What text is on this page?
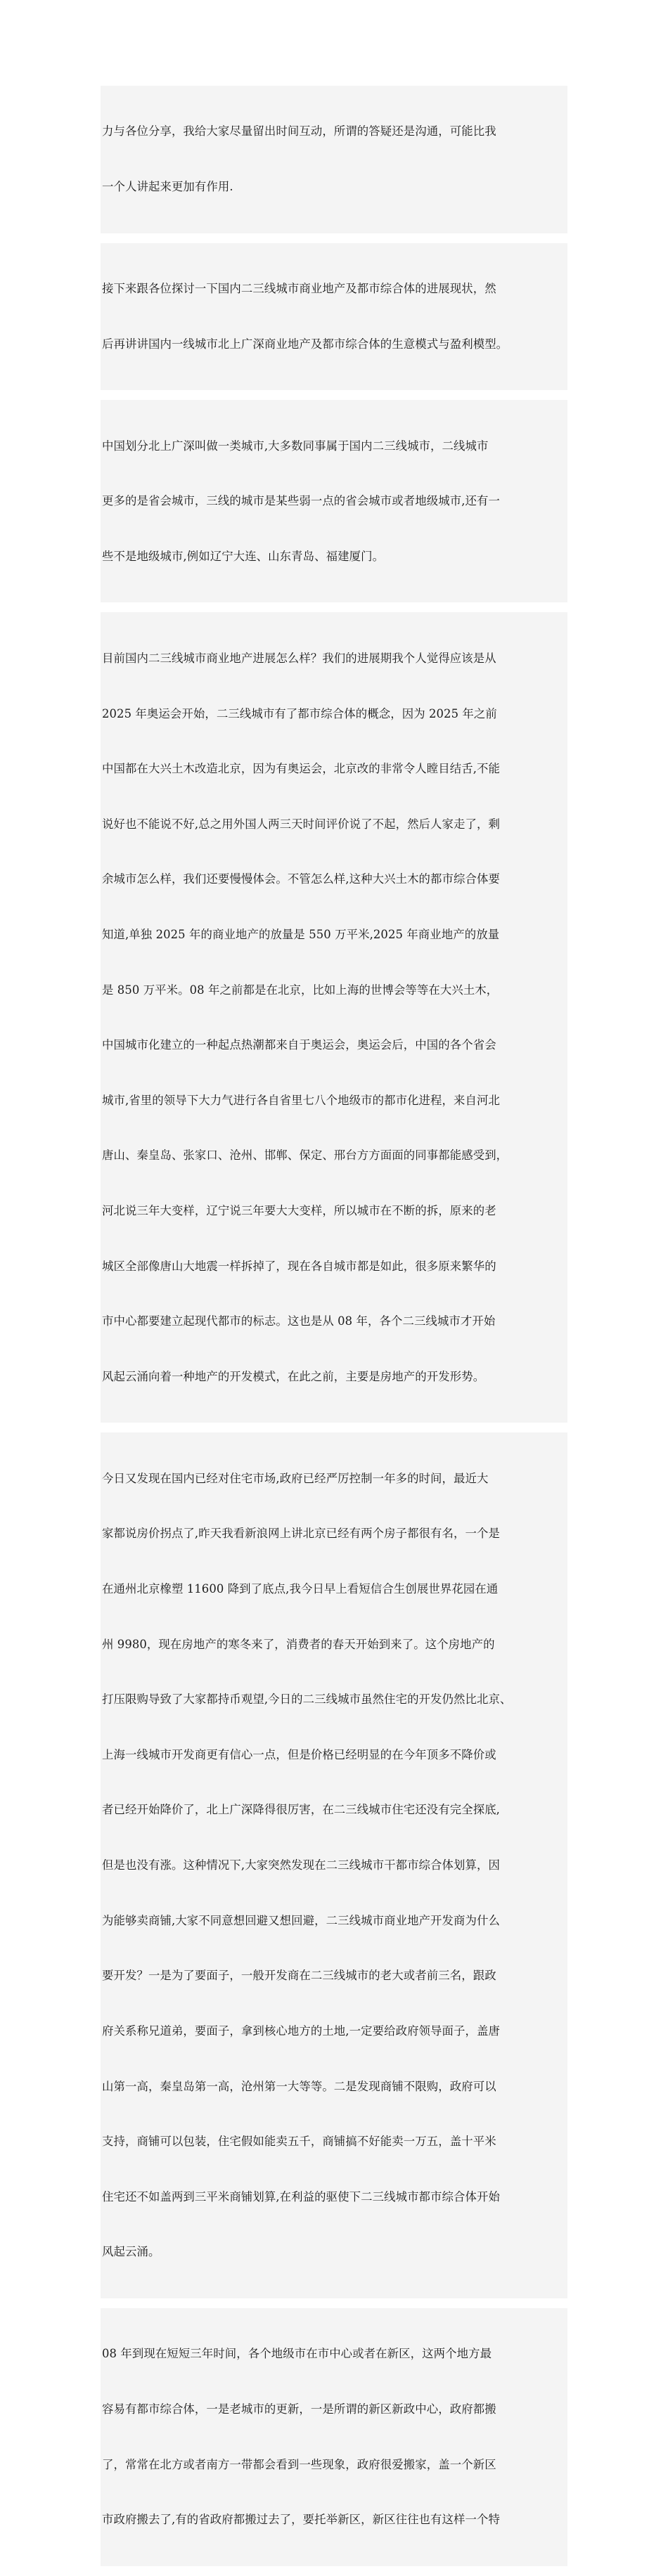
力与各位分享，我给大家尽量留出时间互动，所谓的答疑还是沟通，可能比我

一个人讲起来更加有作用.

接下来跟各位探讨一下国内二三线城市商业地产及都市综合体的进展现状，然

后再讲讲国内一线城市北上广深商业地产及都市综合体的生意模式与盈利模型。

中国划分北上广深叫做一类城市,大多数同事属于国内二三线城市，二线城市

更多的是省会城市，三线的城市是某些弱一点的省会城市或者地级城市,还有一

些不是地级城市,例如辽宁大连、山东青岛、福建厦门。

目前国内二三线城市商业地产进展怎么样？我们的进展期我个人觉得应该是从

2025 年奥运会开始，二三线城市有了都市综合体的概念，因为 2025 年之前

中国都在大兴土木改造北京，因为有奥运会，北京改的非常令人瞠目结舌,不能

说好也不能说不好,总之用外国人两三天时间评价说了不起，然后人家走了，剩

余城市怎么样，我们还要慢慢体会。不管怎么样,这种大兴土木的都市综合体要

知道,单独 2025 年的商业地产的放量是 550 万平米,2025 年商业地产的放量

是 850 万平米。08 年之前都是在北京，比如上海的世博会等等在大兴土木，

中国城市化建立的一种起点热潮都来自于奥运会，奥运会后，中国的各个省会

城市,省里的领导下大力气进行各自省里七八个地级市的都市化进程，来自河北

唐山、秦皇岛、张家口、沧州、邯郸、保定、邢台方方面面的同事都能感受到，

河北说三年大变样，辽宁说三年要大大变样，所以城市在不断的拆，原来的老

城区全部像唐山大地震一样拆掉了，现在各自城市都是如此，很多原来繁华的

市中心都要建立起现代都市的标志。这也是从 08 年，各个二三线城市才开始

风起云涌向着一种地产的开发模式，在此之前，主要是房地产的开发形势。

今日又发现在国内已经对住宅市场,政府已经严厉控制一年多的时间，最近大

家都说房价拐点了,昨天我看新浪网上讲北京已经有两个房子都很有名，一个是

在通州北京橡塑 11600 降到了底点,我今日早上看短信合生创展世界花园在通

州 9980，现在房地产的寒冬来了，消费者的春天开始到来了。这个房地产的

打压限购导致了大家都持币观望,今日的二三线城市虽然住宅的开发仍然比北京、

上海一线城市开发商更有信心一点，但是价格已经明显的在今年顶多不降价或

者已经开始降价了，北上广深降得很厉害，在二三线城市住宅还没有完全探底,

但是也没有涨。这种情况下,大家突然发现在二三线城市干都市综合体划算，因

为能够卖商铺,大家不同意想回避又想回避，二三线城市商业地产开发商为什么

要开发？一是为了要面子，一般开发商在二三线城市的老大或者前三名，跟政

府关系称兄道弟，要面子，拿到核心地方的土地,一定要给政府领导面子，盖唐

山第一高，秦皇岛第一高，沧州第一大等等。二是发现商铺不限购，政府可以

支持，商铺可以包装，住宅假如能卖五千，商铺搞不好能卖一万五，盖十平米

住宅还不如盖两到三平米商铺划算,在利益的驱使下二三线城市都市综合体开始

风起云涌。

08 年到现在短短三年时间，各个地级市在市中心或者在新区，这两个地方最

容易有都市综合体，一是老城市的更新，一是所谓的新区新政中心，政府都搬

了，常常在北方或者南方一带都会看到一些现象，政府很爱搬家，盖一个新区

市政府搬去了,有的省政府都搬过去了，要托举新区，新区往往也有这样一个特
